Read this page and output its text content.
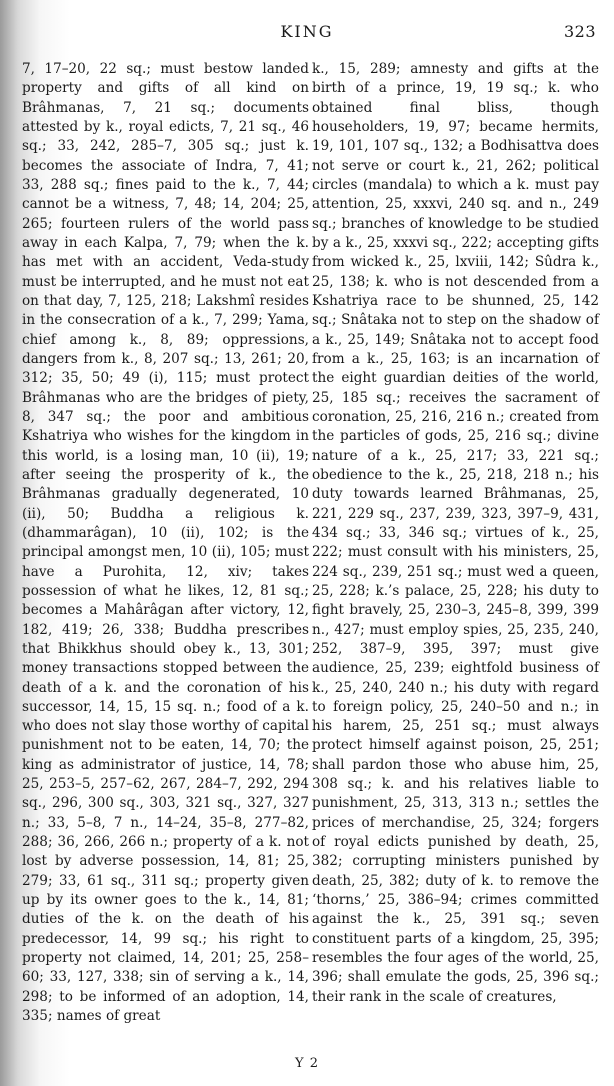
KING	323
7, 17–20, 22 sq.; must bestow landed property and gifts of all kind on Brâhmanas, 7, 21 sq.; documents attested by k., royal edicts, 7, 21 sq., 46 sq.; 33, 242, 285–7, 305 sq.; just k. becomes the associate of Indra, 7, 41; 33, 288 sq.; fines paid to the k., 7, 44; cannot be a witness, 7, 48; 14, 204; 25, 265; fourteen rulers of the world pass away in each Kalpa, 7, 79; when the k. has met with an accident, Veda-study must be interrupted, and he must not eat on that day, 7, 125, 218; Lakshmî resides in the consecration of a k., 7, 299; Yama, chief among k., 8, 89; oppressions, dangers from k., 8, 207 sq.; 13, 261; 20, 312; 35, 50; 49 (i), 115; must protect Brâhmanas who are the bridges of piety, 8, 347 sq.; the poor and ambitious Kshatriya who wishes for the kingdom in this world, is a losing man, 10 (ii), 19; after seeing the prosperity of k., the Brâhmanas gradually degenerated, 10 (ii), 50; Buddha a religious k. (dhammarâgan), 10 (ii), 102; is the principal amongst men, 10 (ii), 105; must have a Purohita, 12, xiv; takes possession of what he likes, 12, 81 sq.; becomes a Mahârâgan after victory, 12, 182, 419; 26, 338; Buddha prescribes that Bhikkhus should obey k., 13, 301; money transactions stopped between the death of a k. and the coronation of his successor, 14, 15, 15 sq. n.; food of a k. who does not slay those worthy of capital punishment not to be eaten, 14, 70; the king as administrator of justice, 14, 78; 25, 253–5, 257–62, 267, 284–7, 292, 294 sq., 296, 300 sq., 303, 321 sq., 327, 327 n.; 33, 5–8, 7 n., 14–24, 35–8, 277–82, 288; 36, 266, 266 n.; property of a k. not lost by adverse possession, 14, 81; 25, 279; 33, 61 sq., 311 sq.; property given up by its owner goes to the k., 14, 81; duties of the k. on the death of his predecessor, 14, 99 sq.; his right to property not claimed, 14, 201; 25, 258–60; 33, 127, 338; sin of serving a k., 14, 298; to be informed of an adoption, 14, 335; names of great
k., 15, 289; amnesty and gifts at the birth of a prince, 19, 19 sq.; k. who obtained final bliss, though householders, 19, 97; became hermits, 19, 101, 107 sq., 132; a Bodhisattva does not serve or court k., 21, 262; political circles (mandala) to which a k. must pay attention, 25, xxxvi, 240 sq. and n., 249 sq.; branches of knowledge to be studied by a k., 25, xxxvi sq., 222; accepting gifts from wicked k., 25, lxviii, 142; Sûdra k., 25, 138; k. who is not descended from a Kshatriya race to be shunned, 25, 142 sq.; Snâtaka not to step on the shadow of a k., 25, 149; Snâtaka not to accept food from a k., 25, 163; is an incarnation of the eight guardian deities of the world, 25, 185 sq.; receives the sacrament of coronation, 25, 216, 216 n.; created from the particles of gods, 25, 216 sq.; divine nature of a k., 25, 217; 33, 221 sq.; obedience to the k., 25, 218, 218 n.; his duty towards learned Brâhmanas, 25, 221, 229 sq., 237, 239, 323, 397–9, 431, 434 sq.; 33, 346 sq.; virtues of k., 25, 222; must consult with his ministers, 25, 224 sq., 239, 251 sq.; must wed a queen, 25, 228; k.’s palace, 25, 228; his duty to fight bravely, 25, 230–3, 245–8, 399, 399 n., 427; must employ spies, 25, 235, 240, 252, 387–9, 395, 397; must give audience, 25, 239; eightfold business of k., 25, 240, 240 n.; his duty with regard to foreign policy, 25, 240–50 and n.; in his harem, 25, 251 sq.; must always protect himself against poison, 25, 251; shall pardon those who abuse him, 25, 308 sq.; k. and his relatives liable to punishment, 25, 313, 313 n.; settles the prices of merchandise, 25, 324; forgers of royal edicts punished by death, 25, 382; corrupting ministers punished by death, 25, 382; duty of k. to remove the ‘thorns,’ 25, 386–94; crimes committed against the k., 25, 391 sq.; seven constituent parts of a kingdom, 25, 395; resembles the four ages of the world, 25, 396; shall emulate the gods, 25, 396 sq.; their rank in the scale of creatures,
Y 2
